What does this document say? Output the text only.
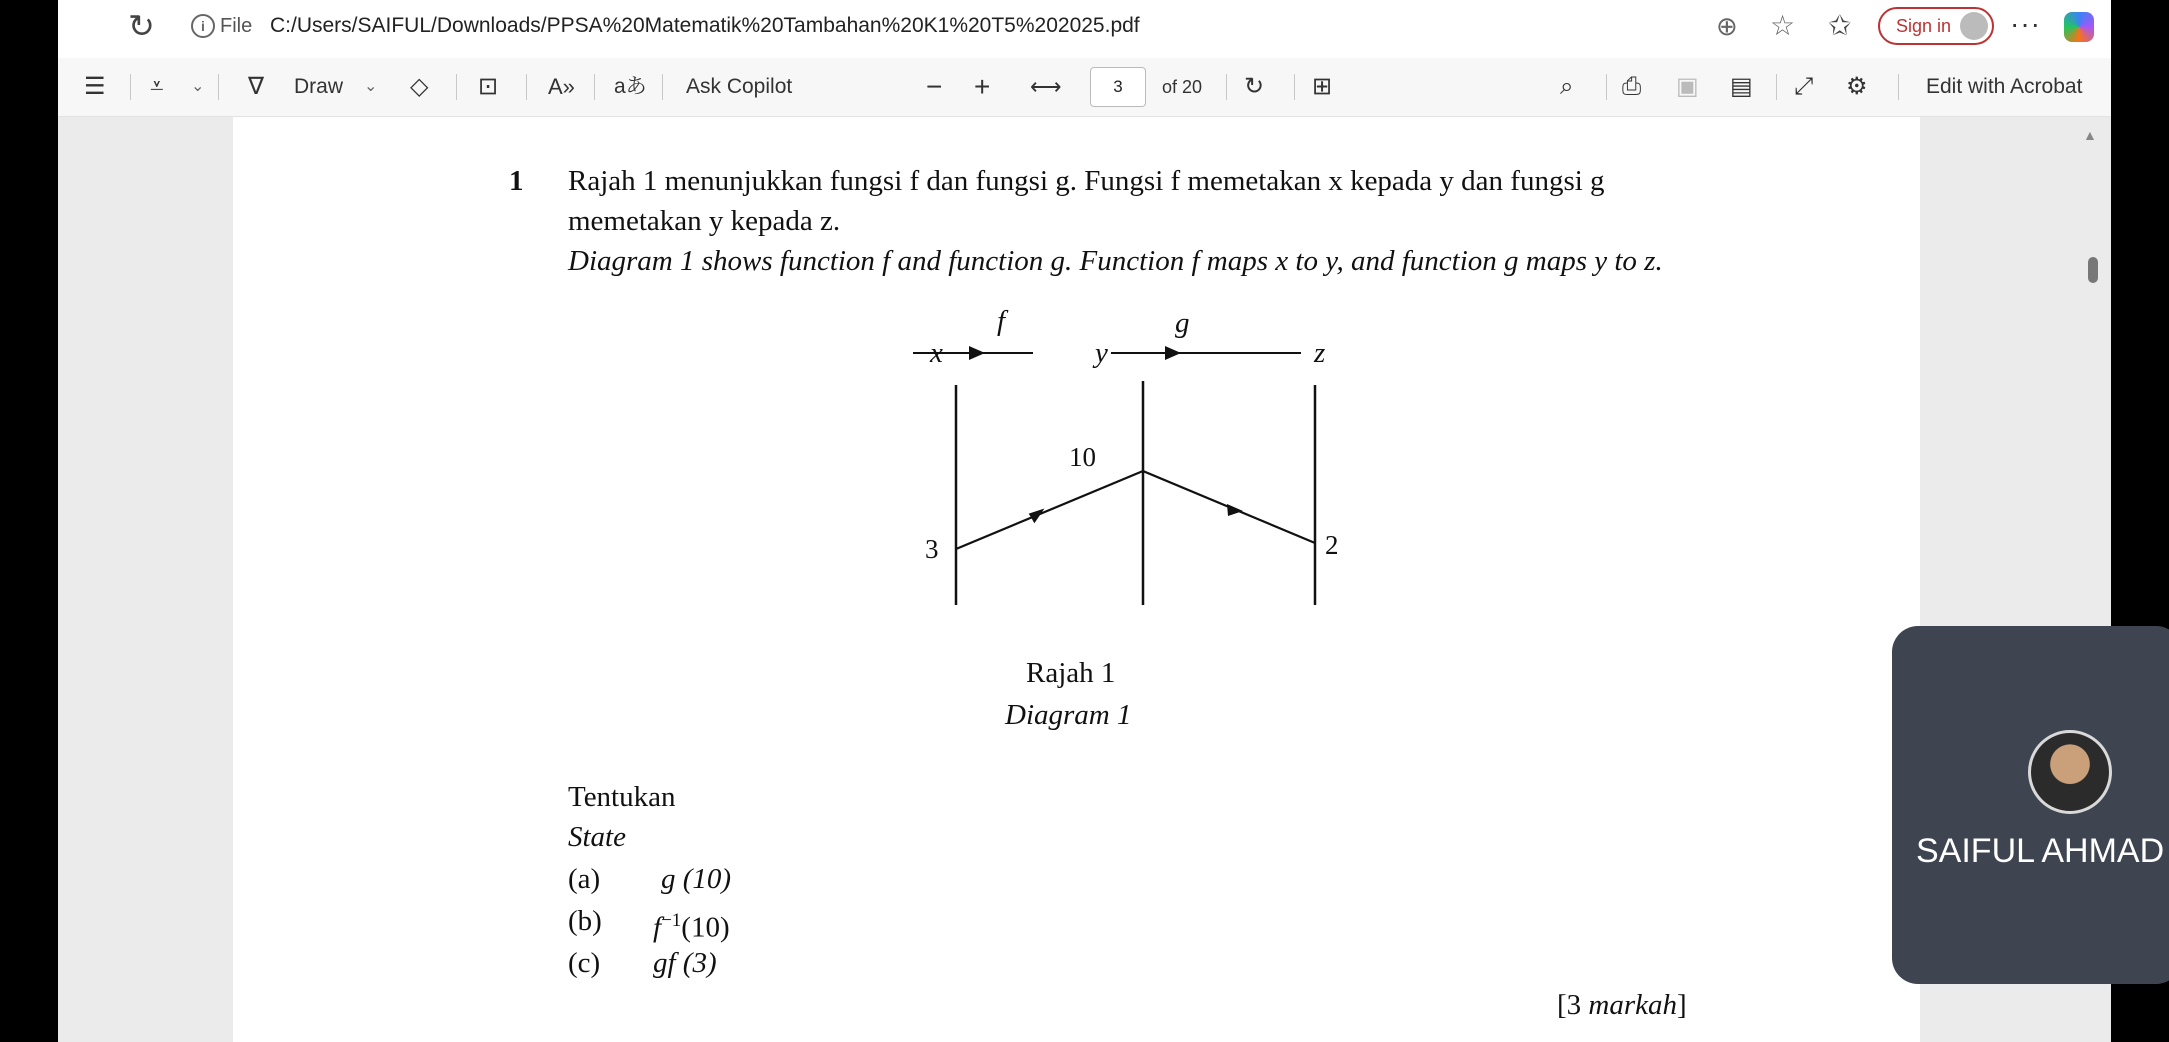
↻	i File C:/Users/SAIFUL/Downloads/PPSA%20Matematik%20Tambahan%20K1%20T5%202025.pdf	⊕ ☆ ✩ Sign in ···
☰ ⩡ ⌄ ∇ Draw ⌄ ◇ ⊡ A» aあ Ask Copilot	− + ⟷	3	of 20 ↻ ⊞	⌕ ⎙ ▣ ▤ ⤢ ⚙	Edit with Acrobat
1 Rajah 1 menunjukkan fungsi f dan fungsi g. Fungsi f memetakan x kepada y dan fungsi g
memetakan y kepada z.
Diagram 1 shows function f and function g. Function f maps x to y, and function g maps y to z.
x	y	z
f	g
3
10
2
Rajah 1
Diagram 1
Tentukan
State
(a) g (10)
(b) $f^{-1}(10)$
(c) gf (3)
[3 markah]
▲
SAIFUL AHMAD
